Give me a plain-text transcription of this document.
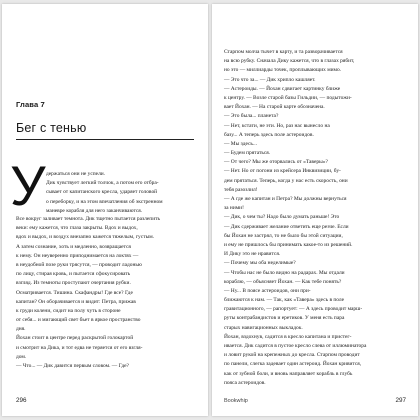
Глава 7
Бег с тенью
У держаться они не успели.
Дик чувствует легкий толчок, а потом его отбра-
сывает от капитанского кресла, ударяет головой
о переборку, и на этом впечатления об экстренном
маневре корабля для него заканчиваются.
Все вокруг заливает темнота. Дик тщетно пытается разлепить
веки: ему кажется, что глаза закрыты. Вдох и выдох,
вдох и выдох, и воздух внезапно кажется тяжелым, густым.
А затем сознание, хоть и медленно, возвращается
к нему. Он неуверенно приподнимается на локтях —
в неудобной позе руки трясутся, — проводит ладонью
по лицу, стирая кровь, и пытается сфокусировать
взгляд. Из темноты проступают очертания рубки.
Осматривается. Тишина. Скафандры! Где все? Где
капитан? Он оборачивается и видит: Петра, прижав
к груди колени, сидит на полу чуть в стороне
от себя... и мигающий свет бьет в яркое пространство
дня.
Йохан стоит в центре перед раскрытой голокартой
и смотрит на Дика, и тот едва не теряется от его взгля-
дом.
— Что... — Дик давится первым словом. — Где?
296
Старпом молча тычет в карту, и та разворачивается
на всю рубку. Сначала Дику кажется, что в глазах рябит,
но это — миллиарды точек, проплывающих мимо.
— Это что за... — Дик хрипло кашляет.
— Астероиды. — Йохан сдвигает картинку ближе
к центру. — Возле старой базы Гильдии, — подытожи-
вает Йохан. — На старой карте обозначена.
— Это была... планета?
— Нет, кстати, не эти. Но, раз нас вынесло на
базу... А теперь здесь поле астероидов.
— Мы здесь...
— Будем прятаться.
— От чего? Мы же оторвались от «Таверы»?
— Нет. Но от погони из крейсера Инквизиции, бу-
дем прятаться. Теперь, когда у нас есть скорость, они
тебя разозлил!
— А где же капитан и Петра? Мы должны вернуться
за ними!
— Дик, о чем ты? Надо было думать раньше! Это
— Дик сдерживает желание ответить еще резче. Если
бы Йохан не застрял, то не было бы этой ситуации,
и ему не пришлось бы принимать какое-то из решений.
И Дику это не нравится.
— Почему мы оба неделимые?
— Чтобы нас не было видно на радарах. Мы отдали
кораблю, — объясняет Йохан. — Как тебе понять?
— Ну... В поясе астероидов, они при-
ближаются к нам. — Так, как «Тавера» здесь в поле
гравитационного, — рапортует: — А здесь проводит марш-
руты контрабандистов и еретиков. У меня есть пара
старых навигационных выкладок.
Йохан, вздохнув, садится в кресло капитана и пристег-
ивается. Дик садится в пустое кресло слева от иллюминатора
и ловит рукой на крепежных до кресла. Старпом проводит
по панели, слегка задевает один астероид. Йохан кривится,
как от зубной боли, и вновь направляет корабль в глубь
пояса астероидов.
Bookwhip	297
